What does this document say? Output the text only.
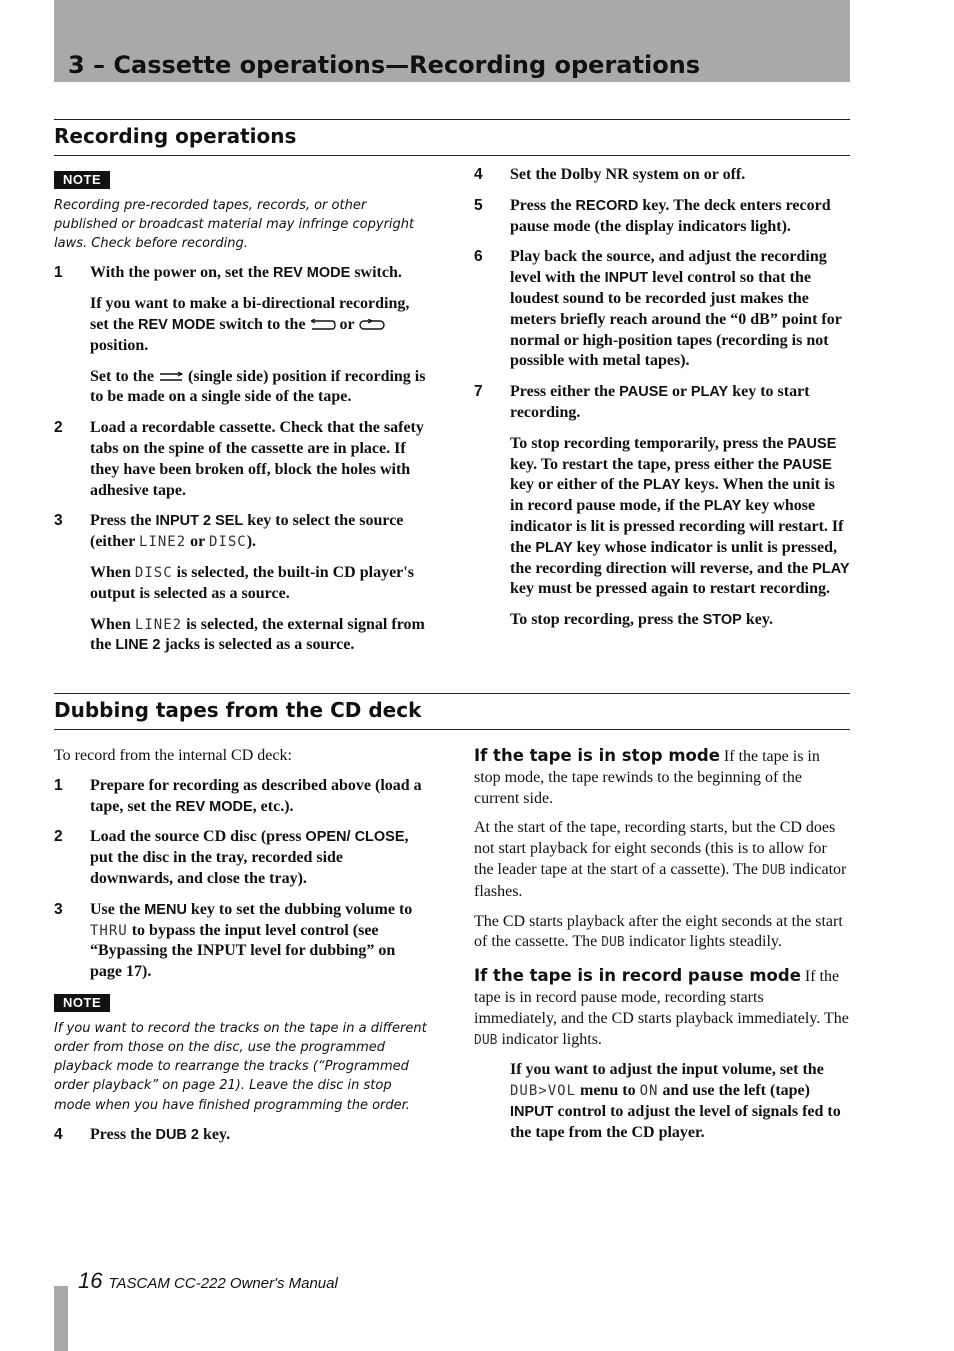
3 – Cassette operations—Recording operations
Recording operations
NOTE
Recording pre-recorded tapes, records, or other published or broadcast material may infringe copyright laws. Check before recording.
1 With the power on, set the REV MODE switch.
If you want to make a bi-directional recording, set the REV MODE switch to the  or  position.
Set to the  (single side) position if recording is to be made on a single side of the tape.
2 Load a recordable cassette. Check that the safety tabs on the spine of the cassette are in place. If they have been broken off, block the holes with adhesive tape.
3 Press the INPUT 2 SEL key to select the source (either LINE2 or DISC).
When DISC is selected, the built-in CD player's output is selected as a source.
When LINE2 is selected, the external signal from the LINE 2 jacks is selected as a source.
4 Set the Dolby NR system on or off.
5 Press the RECORD key. The deck enters record pause mode (the display indicators light).
6 Play back the source, and adjust the recording level with the INPUT level control so that the loudest sound to be recorded just makes the meters briefly reach around the “0 dB” point for normal or high-position tapes (recording is not possible with metal tapes).
7 Press either the PAUSE or PLAY key to start recording.
To stop recording temporarily, press the PAUSE key. To restart the tape, press either the PAUSE key or either of the PLAY keys. When the unit is in record pause mode, if the PLAY key whose indicator is lit is pressed recording will restart. If the PLAY key whose indicator is unlit is pressed, the recording direction will reverse, and the PLAY key must be pressed again to restart recording.
To stop recording, press the STOP key.
Dubbing tapes from the CD deck
To record from the internal CD deck:
1 Prepare for recording as described above (load a tape, set the REV MODE, etc.).
2 Load the source CD disc (press OPEN/ CLOSE, put the disc in the tray, recorded side downwards, and close the tray).
3 Use the MENU key to set the dubbing volume to THRU to bypass the input level control (see “Bypassing the INPUT level for dubbing” on page 17).
NOTE
If you want to record the tracks on the tape in a different order from those on the disc, use the programmed playback mode to rearrange the tracks (“Programmed order playback” on page 21). Leave the disc in stop mode when you have finished programming the order.
4 Press the DUB 2 key.
If the tape is in stop mode If the tape is in stop mode, the tape rewinds to the beginning of the current side.
At the start of the tape, recording starts, but the CD does not start playback for eight seconds (this is to allow for the leader tape at the start of a cassette). The DUB indicator flashes.
The CD starts playback after the eight seconds at the start of the cassette. The DUB indicator lights steadily.
If the tape is in record pause mode If the tape is in record pause mode, recording starts immediately, and the CD starts playback immediately. The DUB indicator lights.
If you want to adjust the input volume, set the DUB>VOL menu to ON and use the left (tape) INPUT control to adjust the level of signals fed to the tape from the CD player.
16 TASCAM CC-222 Owner's Manual
